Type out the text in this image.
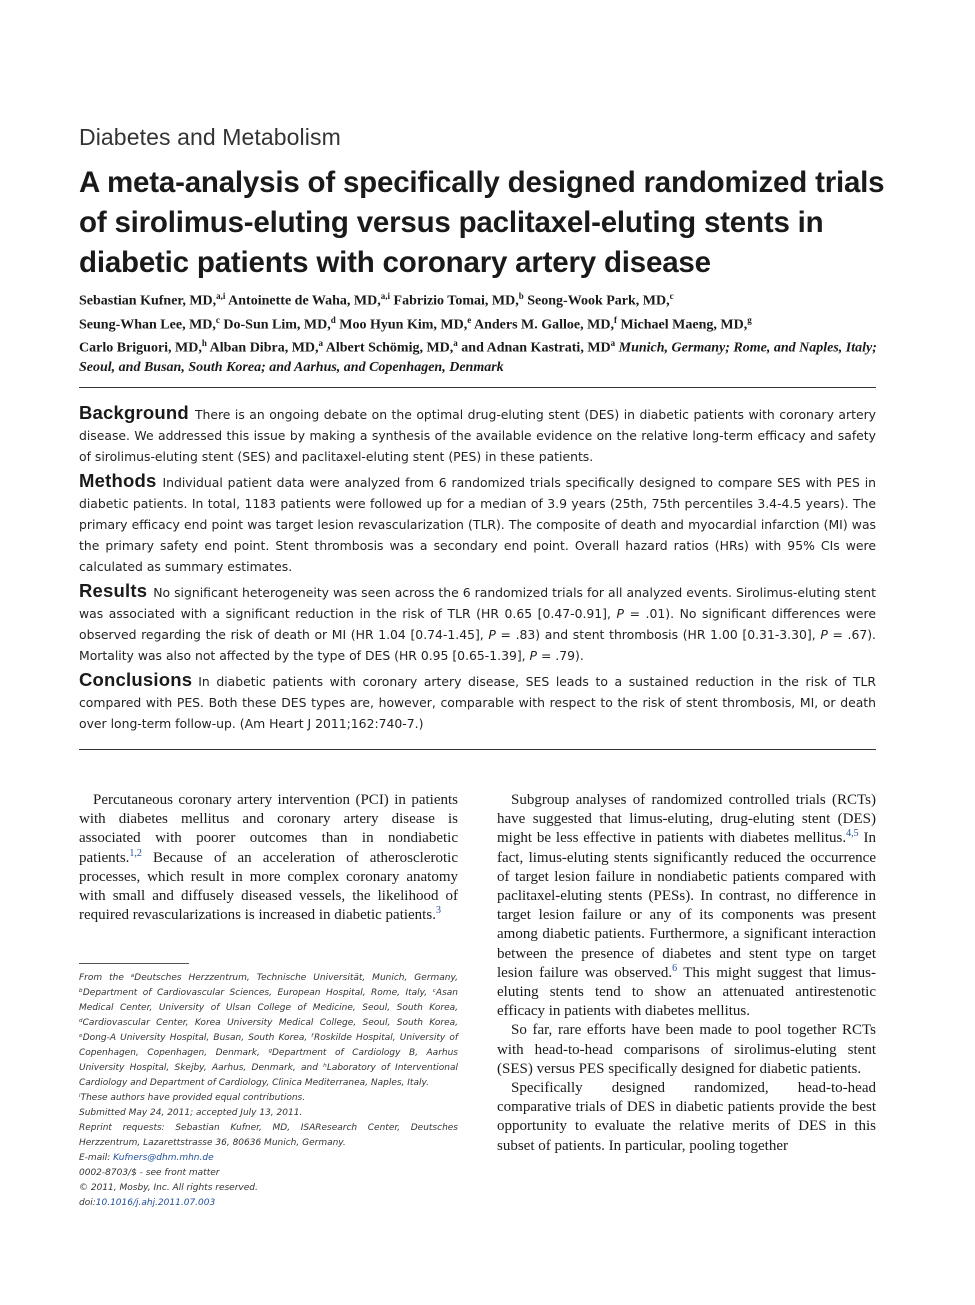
Diabetes and Metabolism
A meta-analysis of specifically designed randomized trials of sirolimus-eluting versus paclitaxel-eluting stents in diabetic patients with coronary artery disease
Sebastian Kufner, MD,$^{a,i}$ Antoinette de Waha, MD,$^{a,i}$ Fabrizio Tomai, MD,$^b$ Seong-Wook Park, MD,$^c$
Seung-Whan Lee, MD,$^c$ Do-Sun Lim, MD,$^d$ Moo Hyun Kim, MD,$^e$ Anders M. Galloe, MD,$^f$ Michael Maeng, MD,$^g$
Carlo Briguori, MD,$^h$ Alban Dibra, MD,$^a$ Albert Schömig, MD,$^a$ and Adnan Kastrati, $MD^a$ Munich, Germany; Rome, and Naples, Italy; Seoul, and Busan, South Korea; and Aarhus, and Copenhagen, Denmark

Background There is an ongoing debate on the optimal drug-eluting stent (DES) in diabetic patients with coronary artery disease. We addressed this issue by making a synthesis of the available evidence on the relative long-term efficacy and safety of sirolimus-eluting stent (SES) and paclitaxel-eluting stent (PES) in these patients.

Methods Individual patient data were analyzed from 6 randomized trials specifically designed to compare SES with PES in diabetic patients. In total, 1183 patients were followed up for a median of 3.9 years (25th, 75th percentiles 3.4-4.5 years). The primary efficacy end point was target lesion revascularization (TLR). The composite of death and myocardial infarction (MI) was the primary safety end point. Stent thrombosis was a secondary end point. Overall hazard ratios (HRs) with 95% CIs were calculated as summary estimates.

Results No significant heterogeneity was seen across the 6 randomized trials for all analyzed events. Sirolimus-eluting stent was associated with a significant reduction in the risk of TLR (HR 0.65 [0.47-0.91], P = .01). No significant differences were observed regarding the risk of death or MI (HR 1.04 [0.74-1.45], P = .83) and stent thrombosis (HR 1.00 [0.31-3.30], P = .67). Mortality was also not affected by the type of DES (HR 0.95 [0.65-1.39], P = .79).

Conclusions In diabetic patients with coronary artery disease, SES leads to a sustained reduction in the risk of TLR compared with PES. Both these DES types are, however, comparable with respect to the risk of stent thrombosis, MI, or death over long-term follow-up. (Am Heart J 2011;162:740-7.)

Percutaneous coronary artery intervention (PCI) in patients with diabetes mellitus and coronary artery disease is associated with poorer outcomes than in nondiabetic patients.$^{1,2}$ Because of an acceleration of atherosclerotic processes, which result in more complex coronary anatomy with small and diffusely diseased vessels, the likelihood of required revascularizations is increased in diabetic patients.$^3$

From the ᵃDeutsches Herzzentrum, Technische Universität, Munich, Germany, ᵇDepartment of Cardiovascular Sciences, European Hospital, Rome, Italy, ᶜAsan Medical Center, University of Ulsan College of Medicine, Seoul, South Korea, ᵈCardiovascular Center, Korea University Medical College, Seoul, South Korea, ᵉDong-A University Hospital, Busan, South Korea, ᶠRoskilde Hospital, University of Copenhagen, Copenhagen, Denmark, ᵍDepartment of Cardiology B, Aarhus University Hospital, Skejby, Aarhus, Denmark, and ʰLaboratory of Interventional Cardiology and Department of Cardiology, Clinica Mediterranea, Naples, Italy.

ⁱThese authors have provided equal contributions.

Submitted May 24, 2011; accepted July 13, 2011.

Reprint requests: Sebastian Kufner, MD, ISAResearch Center, Deutsches Herzzentrum, Lazarettstrasse 36, 80636 Munich, Germany.

E-mail: Kufners@dhm.mhn.de

0002-8703/$ - see front matter

© 2011, Mosby, Inc. All rights reserved.

doi:10.1016/j.ahj.2011.07.003

Subgroup analyses of randomized controlled trials (RCTs) have suggested that limus-eluting, drug-eluting stent (DES) might be less effective in patients with diabetes mellitus.$^{4,5}$ In fact, limus-eluting stents significantly reduced the occurrence of target lesion failure in nondiabetic patients compared with paclitaxel-eluting stents (PESs). In contrast, no difference in target lesion failure or any of its components was present among diabetic patients. Furthermore, a significant interaction between the presence of diabetes and stent type on target lesion failure was observed.$^6$ This might suggest that limus-eluting stents tend to show an attenuated antirestenotic efficacy in patients with diabetes mellitus.

So far, rare efforts have been made to pool together RCTs with head-to-head comparisons of sirolimus-eluting stent (SES) versus PES specifically designed for diabetic patients.

Specifically designed randomized, head-to-head comparative trials of DES in diabetic patients provide the best opportunity to evaluate the relative merits of DES in this subset of patients. In particular, pooling together
